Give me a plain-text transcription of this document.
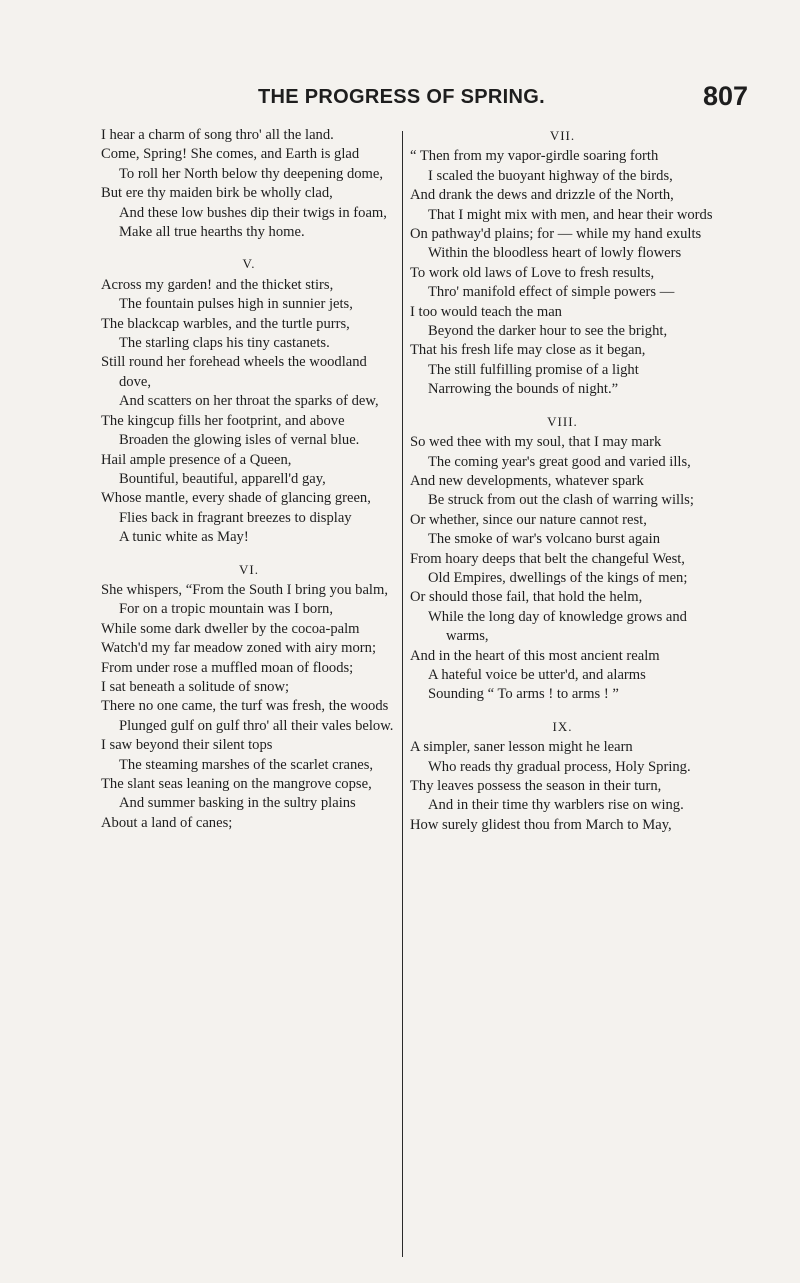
THE PROGRESS OF SPRING.	807
I hear a charm of song thro' all the land.
Come, Spring! She comes, and Earth is glad
To roll her North below thy deepening dome,
But ere thy maiden birk be wholly clad,
And these low bushes dip their twigs in foam,
Make all true hearths thy home.
V.
Across my garden! and the thicket stirs,
The fountain pulses high in sunnier jets,
The blackcap warbles, and the turtle purrs,
The starling claps his tiny castanets.
Still round her forehead wheels the woodland dove,
And scatters on her throat the sparks of dew,
The kingcup fills her footprint, and above
Broaden the glowing isles of vernal blue.
Hail ample presence of a Queen,
Bountiful, beautiful, apparell'd gay,
Whose mantle, every shade of glancing green,
Flies back in fragrant breezes to display
A tunic white as May!
VI.
She whispers, “From the South I bring you balm,
For on a tropic mountain was I born,
While some dark dweller by the cocoa-palm
Watch'd my far meadow zoned with airy morn;
From under rose a muffled moan of floods;
I sat beneath a solitude of snow;
There no one came, the turf was fresh, the woods
Plunged gulf on gulf thro' all their vales below.
I saw beyond their silent tops
The steaming marshes of the scarlet cranes,
The slant seas leaning on the mangrove copse,
And summer basking in the sultry plains
About a land of canes;
VII.
“ Then from my vapor-girdle soaring forth
I scaled the buoyant highway of the birds,
And drank the dews and drizzle of the North,
That I might mix with men, and hear their words
On pathway'd plains; for — while my hand exults
Within the bloodless heart of lowly flowers
To work old laws of Love to fresh results,
Thro' manifold effect of simple powers —
I too would teach the man
Beyond the darker hour to see the bright,
That his fresh life may close as it began,
The still fulfilling promise of a light
Narrowing the bounds of night.”
VIII.
So wed thee with my soul, that I may mark
The coming year's great good and varied ills,
And new developments, whatever spark
Be struck from out the clash of warring wills;
Or whether, since our nature cannot rest,
The smoke of war's volcano burst again
From hoary deeps that belt the changeful West,
Old Empires, dwellings of the kings of men;
Or should those fail, that hold the helm,
While the long day of knowledge grows and warms,
And in the heart of this most ancient realm
A hateful voice be utter'd, and alarms
Sounding “ To arms ! to arms ! ”
IX.
A simpler, saner lesson might he learn
Who reads thy gradual process, Holy Spring.
Thy leaves possess the season in their turn,
And in their time thy warblers rise on wing.
How surely glidest thou from March to May,
